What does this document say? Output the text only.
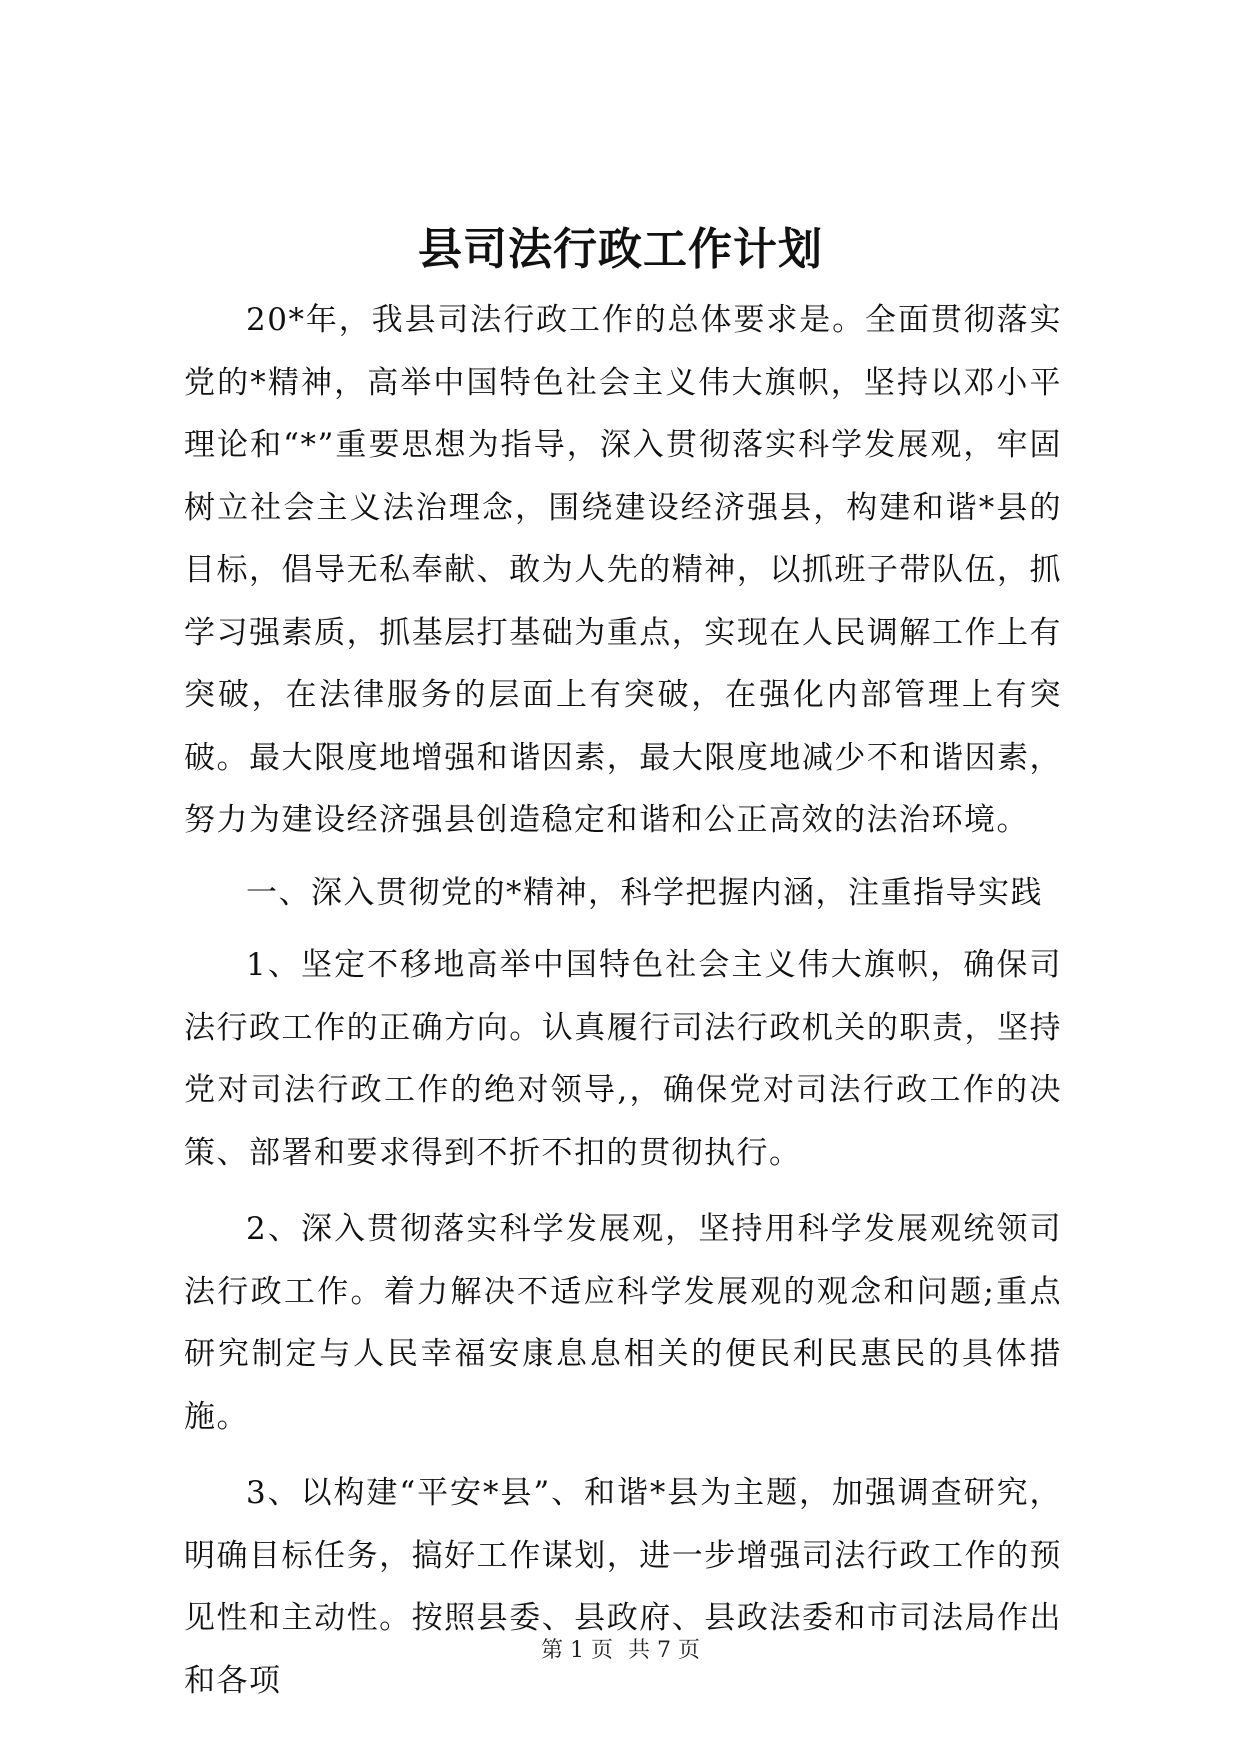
县司法行政工作计划

20*年，我县司法行政工作的总体要求是。全面贯彻落实党的*精神，高举中国特色社会主义伟大旗帜，坚持以邓小平理论和“*”重要思想为指导，深入贯彻落实科学发展观，牢固树立社会主义法治理念，围绕建设经济强县，构建和谐*县的目标，倡导无私奉献、敢为人先的精神，以抓班子带队伍，抓学习强素质，抓基层打基础为重点，实现在人民调解工作上有突破，在法律服务的层面上有突破，在强化内部管理上有突破。最大限度地增强和谐因素，最大限度地减少不和谐因素，努力为建设经济强县创造稳定和谐和公正高效的法治环境。

一、深入贯彻党的*精神，科学把握内涵，注重指导实践

1、坚定不移地高举中国特色社会主义伟大旗帜，确保司法行政工作的正确方向。认真履行司法行政机关的职责，坚持党对司法行政工作的绝对领导,，确保党对司法行政工作的决策、部署和要求得到不折不扣的贯彻执行。

2、深入贯彻落实科学发展观，坚持用科学发展观统领司法行政工作。着力解决不适应科学发展观的观念和问题;重点研究制定与人民幸福安康息息相关的便民利民惠民的具体措施。

3、以构建“平安*县”、和谐*县为主题，加强调查研究，明确目标任务，搞好工作谋划，进一步增强司法行政工作的预见性和主动性。按照县委、县政府、县政法委和市司法局作出和各项

第 1 页 共 7 页
